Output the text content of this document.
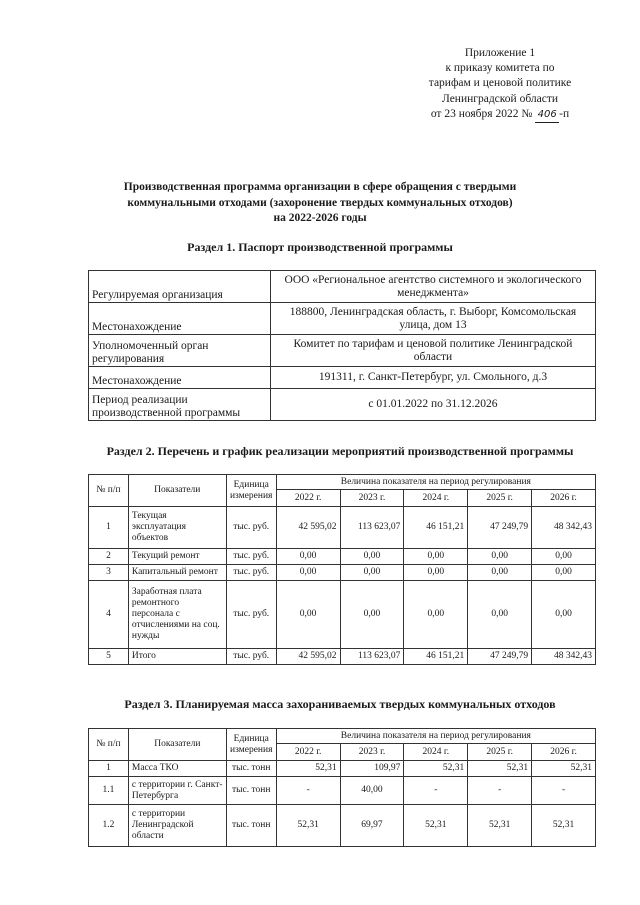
Приложение 1
к приказу комитета по
тарифам и ценовой политике
Ленинградской области
от 23 ноября 2022 № 406 -п
Производственная программа организации в сфере обращения с твердыми
коммунальными отходами (захоронение твердых коммунальных отходов)
на 2022-2026 годы
Раздел 1. Паспорт производственной программы
Регулируемая организация	ООО «Региональное агентство системного и экологического менеджмента»
Местонахождение	188800, Ленинградская область, г. Выборг, Комсомольская улица, дом 13
Уполномоченный орган регулирования	Комитет по тарифам и ценовой политике Ленинградской области
Местонахождение	191311, г. Санкт-Петербург, ул. Смольного, д.3
Период реализации производственной программы	с 01.01.2022 по 31.12.2026
Раздел 2. Перечень и график реализации мероприятий производственной программы
№ п/п	Показатели	Единица измерения	Величина показателя на период регулирования				
			2022 г.	2023 г.	2024 г.	2025 г.	2026 г.
1	Текущая эксплуатация объектов	тыс. руб.	42 595,02	113 623,07	46 151,21	47 249,79	48 342,43
2	Текущий ремонт	тыс. руб.	0,00	0,00	0,00	0,00	0,00
3	Капитальный ремонт	тыс. руб.	0,00	0,00	0,00	0,00	0,00
4	Заработная плата ремонтного персонала с отчислениями на соц. нужды	тыс. руб.	0,00	0,00	0,00	0,00	0,00
5	Итого	тыс. руб.	42 595,02	113 623,07	46 151,21	47 249,79	48 342,43
Раздел 3. Планируемая масса захораниваемых твердых коммунальных отходов
№ п/п	Показатели	Единица измерения	Величина показателя на период регулирования				
			2022 г.	2023 г.	2024 г.	2025 г.	2026 г.
1	Масса ТКО	тыс. тонн	52,31	109,97	52,31	52,31	52,31
1.1	с территории г. Санкт-Петербурга	тыс. тонн	-	40,00	-	-	-
1.2	с территории Ленинградской области	тыс. тонн	52,31	69,97	52,31	52,31	52,31
